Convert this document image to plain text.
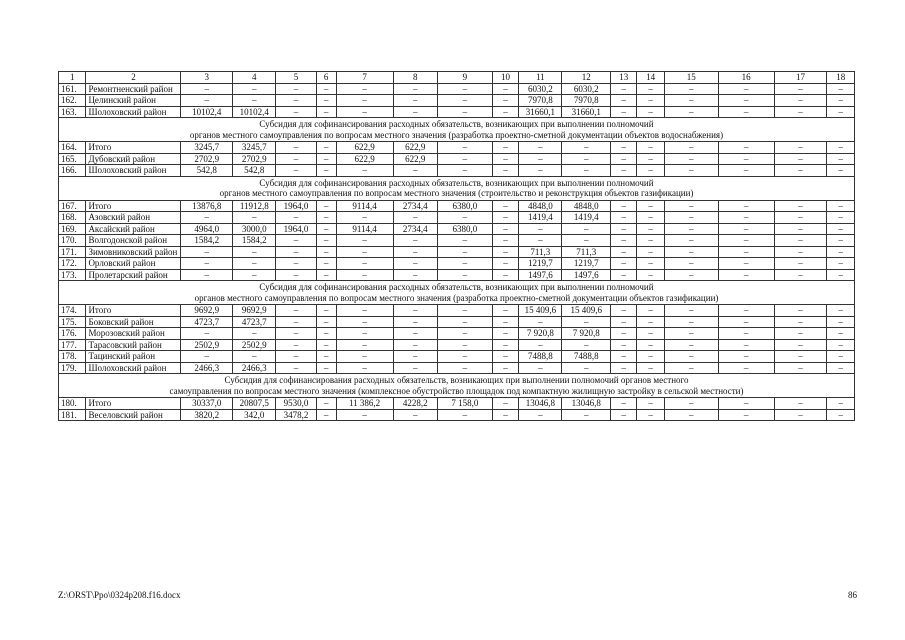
1	2	3	4	5	6	7	8	9	10	11	12	13	14	15	16	17	18
161.	Ремонтненский район	–	–	–	–	–	–	–	–	6030,2	6030,2	–	–	–	–	–	–
162.	Целинский район	–	–	–	–	–	–	–	–	7970,8	7970,8	–	–	–	–	–	–
163.	Шолоховский район	10102,4	10102,4	–	–	–	–	–	–	31660,1	31660,1	–	–	–	–	–	–

Субсидия для софинансирования расходных обязательств, возникающих при выполнении полномочий
органов местного самоуправления по вопросам местного значения (разработка проектно-сметной документации объектов водоснабжения)																	

164.	Итого	3245,7	3245,7	–	–	622,9	622,9	–	–	–	–	–	–	–	–	–	–
165.	Дубовский район	2702,9	2702,9	–	–	622,9	622,9	–	–	–	–	–	–	–	–	–	–
166.	Шолоховский район	542,8	542,8	–	–	–	–	–	–	–	–	–	–	–	–	–	–

Субсидия для софинансирования расходных обязательств, возникающих при выполнении полномочий
органов местного самоуправления по вопросам местного значения (строительство и реконструкция объектов газификации)																	

167.	Итого	13876,8	11912,8	1964,0	–	9114,4	2734,4	6380,0	–	4848,0	4848,0	–	–	–	–	–	–
168.	Азовский район	–	–	–	–	–	–	–	–	1419,4	1419,4	–	–	–	–	–	–
169.	Аксайский район	4964,0	3000,0	1964,0	–	9114,4	2734,4	6380,0	–	–	–	–	–	–	–	–	–
170.	Волгодонской район	1584,2	1584,2	–	–	–	–	–	–	–	–	–	–	–	–	–	–
171.	Зимовниковский район	–	–	–	–	–	–	–	–	711,3	711,3	–	–	–	–	–	–
172.	Орловский район	–	–	–	–	–	–	–	–	1219,7	1219,7	–	–	–	–	–	–
173.	Пролетарский район	–	–	–	–	–	–	–	–	1497,6	1497,6	–	–	–	–	–	–

Субсидия для софинансирования расходных обязательств, возникающих при выполнении полномочий
органов местного самоуправления по вопросам местного значения (разработка проектно-сметной документации объектов газификации)																	

174.	Итого	9692,9	9692,9	–	–	–	–	–	–	15 409,6	15 409,6	–	–	–	–	–	–
175.	Боковский район	4723,7	4723,7	–	–	–	–	–	–	–	–	–	–	–	–	–	–
176.	Морозовский район	–	–	–	–	–	–	–	–	7 920,8	7 920,8	–	–	–	–	–	–
177.	Тарасовский район	2502,9	2502,9	–	–	–	–	–	–	–	–	–	–	–	–	–	–
178.	Тацинский район	–	–	–	–	–	–	–	–	7488,8	7488,8	–	–	–	–	–	–
179.	Шолоховский район	2466,3	2466,3	–	–	–	–	–	–	–	–	–	–	–	–	–	–

Субсидия для софинансирования расходных обязательств, возникающих при выполнении полномочий органов местного
самоуправления по вопросам местного значения (комплексное обустройство площадок под компактную жилищную застройку в сельской местности)																	

180.	Итого	30337,0	20807,5	9530,0	–	11 386,2	4228,2	7 158,0	–	13046,8	13046,8	–	–	–	–	–	–
181.	Веселовский район	3820,2	342,0	3478,2	–	–	–	–	–	–	–	–	–	–	–	–	–
Z:\ORST\Ppo\0324p208.f16.docx	86
